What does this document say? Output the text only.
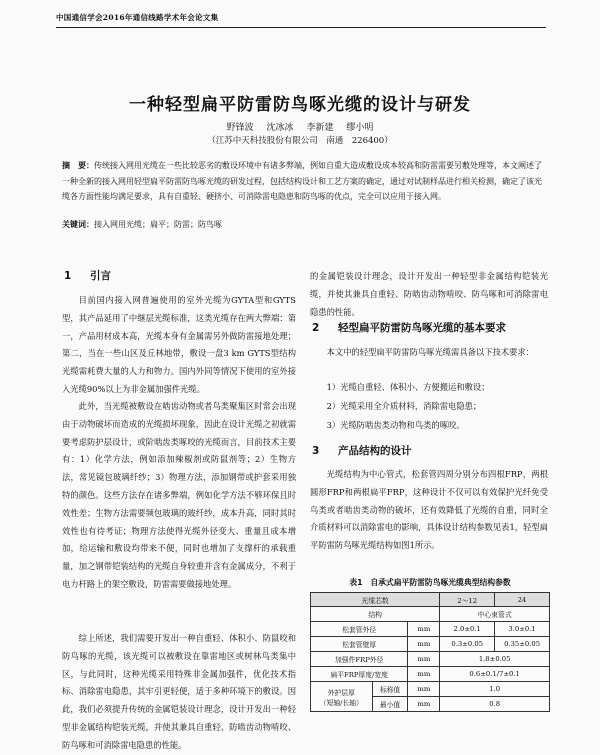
中国通信学会2016年通信线路学术年会论文集
一种轻型扁平防雷防鸟啄光缆的设计与研发
野锋波 沈冰冰 李新建 缪小明
（江苏中天科技股份有限公司　南通　226400）
摘　要：传统接入网用光缆在一些比较恶劣的敷设环境中有诸多弊端，例如自重大造成敷设成本较高和防雷需要另敷处理等，本文阐述了一种全新的接入网用轻型扁平防雷防鸟啄光缆的研发过程，包括结构设计和工艺方案的确定，通过对试制样品进行相关检测，确定了该光缆各方面性能均满足要求，具有自重轻、硬挤小、可消除雷电隐患和防鸟啄的优点，完全可以应用于接入网。
关键词：接入网用光缆；扁平；防雷；防鸟啄
1 引言

目前国内接入网普遍使用的室外光缆为GYTA型和GYTS型，其产品延用了中继层光缆标准，这类光缆存在两大弊端：第一，产品用材成本高，光缆本身有金属需另外做防雷接地处理；第二，当在一些山区及丘林地带，敷设一盘3 km GYTS型结构光缆需耗费大量的人力和物力。国内外同等情况下使用的室外接入光缆90%以上为非金属加强件光缆。

此外，当光缆被敷设在啮齿动物或者鸟类聚集区时常会出现由于动物破坏而造成的光缆损坏现象，因此在设计光缆之初就需要考虑防护层设计，或阶啮齿类啄咬的光缆而言，目前技术主要有：1）化学方法，例如添加辣椒剂或防鼠剂等；2）生物方法，常见镜包玻璃纤纱；3）物理方法，添加钢带或护套采用独特的颜色。这些方法存在诸多弊端，例如化学方法不够环保且时效性差；生物方法需要频包玻璃的玻纤纱，成本升高，同时其时效性也有待考证；物理方法使得光缆外径变大、重量且成本增加，给运输和敷设均带来不便，同时也增加了支撑杆的承载重量，加之钢带铠装结构的光缆自身较重并含有金属成分，不利于电力杆路上的架空敷设，防雷需要做接地处理。

综上所述，我们需要开发出一种自重轻、体积小、防鼠咬和防鸟啄的光缆，该光缆可以被敷设在靠雷地区或树林鸟类集中区，与此同时，这种光缆采用特殊非金属加强件，优化技术指标、消除雷电隐患，其牢引更轻便，适于多种环境下的敷设。因此，我们必须提升传统的金属铠装设计理念，设计开发出一种轻型非金属结构铠装光缆，并使其兼具自重轻、防啮齿动物啃咬、防鸟啄和可消除雷电隐患的性能。

的金属铠装设计理念，设计开发出一种轻型非金属结构铠装光缆，并使其兼具自重轻、防啮齿动物啃咬、防鸟啄和可消除雷电隐患的性能。

2 轻型扁平防雷防鸟啄光缆的基本要求

本文中的轻型扁平防雷防鸟啄光缆需具备以下技术要求：

1）光缆自重轻、体积小、方便搬运和敷设；
2）光缆采用全介质材料，消除雷电隐患；
3）光缆防啮齿类动物和鸟类的啄咬。
3 产品结构的设计

光缆结构为中心管式，松套管四周分别分布四根FRP，两根圆形FRP和两根扁平FRP，这种设计不仅可以有效保护光纤免受鸟类或者啮齿类动物的破坏，还有效降低了光缆的自重，同时全介质材料可以消除雷电的影响，具体设计结构参数见表1，轻型扁平防雷防鸟啄光缆结构如图1所示。

表1　自承式扁平防雷防鸟啄光缆典型结构参数
光缆芯数			2～12	24
结构			中心束管式	
松套管外径		mm	2.0±0.1	3.0±0.1
松套管壁厚		mm	0.3±0.05	0.35±0.05
加强件FRP外径		mm	1.8±0.05	
扁平FRP厚度/宽度		mm	0.6±0.1/7±0.1	

外护层厚
（短轴/长轴）	标称值	mm	1.0	
	最小值	mm	0.8	
